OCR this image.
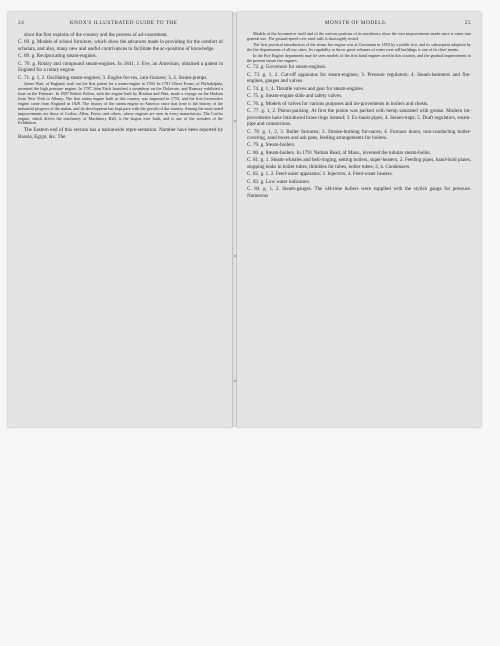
24	KNOX'S ILLUSTRATED GUIDE TO THE

since the first exploits of the country and the process of ad-vancement.

C. 69. g. Models of school furniture, which show the advances made in providing for the comfort of scholars, and also, many new and useful contrivances to facilitate the ac-quisition of knowledge.

C. 69. g. Reciprocating steam-engines.

C. 70. g. Rotary and compound steam-engines. In 1841, J. Eve, an American, obtained a patent in England for a rotary engine.

C. 71. g. 1, 2. Oscillating steam-engines; 3. Engine for-ces, cam-fixtures; 3, 4. Steam-pumps.

James Watt, of England, took out the first patent for a steam-engine in 1769. In 1781 Oliver Evans, of Philadelphia, invented the high pressure engine. In 1787 John Fitch launched a steamboat on the Delaware, and Rumsey exhibited a boat on the Potomac. In 1807 Robert Fulton, with the engine built by Boulton and Watt, made a voyage on the Hudson from New York to Albany. The first steam engine built in this country was imported in 1753, and the first locomotive engine came from England in 1829. The history of the steam engine in America since that time is the history of the industrial progress of the nation, and its development has kept pace with the growth of the country. Among the most noted improvements are those of Corliss, Allen, Porter, and others, whose engines are seen in every manufactory. The Corliss engine, which drives the machinery of Machinery Hall, is the largest ever built, and is one of the wonders of the Exhibition.

The Eastern end of this section has a nationwide repre-sentation. Number have been reported by Russia, Egypt, &c. The

MONSTR OF MODELS.	25

Models of the locomotive itself and of the various portions of its machinery show the vast improvements made since it came into general use. The ground-speed over steel rails is thoroughly tested.

The first practical introduction of the steam fire engine was at Cincinnati in 1853 by a public test, and its subsequent adoption by the fire departments of all our cities. Its capability to throw great volumes of water over tall buildings is one of its chief merits.

In the Fire Engine department may be seen models of the first hand engines used in this country, and the gradual improvement to the present steam fire engines.

C. 72. g. Governors for steam-engines.

C. 73. g. 1, 2. Cut-off apparatus for steam-engines; 3. Pressure regulators; 4. Steam-hammers and fire-engines, gauges and valves.

C. 74. g. 1, 4. Throttle valves and gear for steam-engines.

C. 75. g. Steam-engine slide and safety valves.

C. 76. g. Models of valves for various purposes and im-provements in boilers and chests.

C. 77. g. 1, 2. Piston-packing. At first the piston was packed with hemp saturated with grease. Modern im-provements have introduced brass rings instead; 3. Ex-haust pipes; 4. Steam-traps; 5. Draft regulators, steam-pipe and connections.

C. 78. g. 1, 2, 3. Boiler furnaces; 3. Smoke-burning fur-naces; 4. Furnace doors, non-conducting boiler-covering, sand boxes and ash pans, feeding arrangements for boilers.

C. 79. g. Steam-boilers.

C. 80. g. Steam-boilers. In 1791 Nathan Read, of Mass., invented the tubular steam-boiler.

C. 81. g. 1. Steam-whistles and bell-ringing, setting boilers, super-heaters; 2. Feeding pipes, hand-hold plates, stopping leaks in boiler tubes, thimbles for tubes, boiler tubes; 3, 4. Condensers.

C. 82. g. 1, 2. Feed-water apparatus; 3. Injectors; 4. Feed-water heaters.

C. 83. g. Low water indicators.

C. 84. g. 1, 2. Steam-gauges. The old-time boilers were supplied with the stylish gauge for pressure. Numerous
